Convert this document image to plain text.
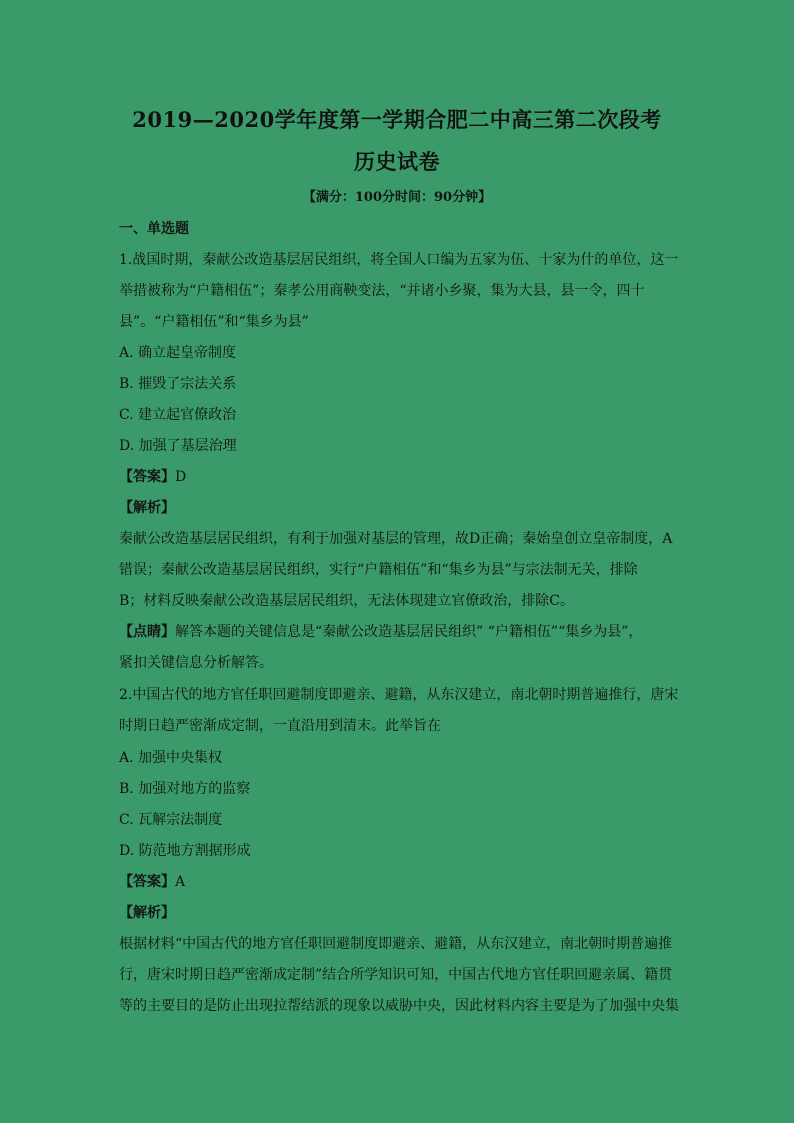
2019—2020学年度第一学期合肥二中高三第二次段考
历史试卷
【满分：100分时间：90分钟】
一、单选题
1.战国时期，秦献公改造基层居民组织，将全国人口编为五家为伍、十家为什的单位，这一
举措被称为“户籍相伍”；秦孝公用商鞅变法，“并诸小乡聚，集为大县，县一令，四十
县”。“户籍相伍”和“集乡为县”
A. 确立起皇帝制度
B. 摧毁了宗法关系
C. 建立起官僚政治
D. 加强了基层治理
【答案】D
【解析】
秦献公改造基层居民组织，有利于加强对基层的管理，故D正确；秦始皇创立皇帝制度，A
错误；秦献公改造基层居民组织，实行“户籍相伍”和“集乡为县”与宗法制无关，排除
B；材料反映秦献公改造基层居民组织，无法体现建立官僚政治，排除C。
【点睛】解答本题的关键信息是“秦献公改造基层居民组织” “户籍相伍”“集乡为县”，
紧扣关键信息分析解答。
2.中国古代的地方官任职回避制度即避亲、避籍，从东汉建立，南北朝时期普遍推行，唐宋
时期日趋严密渐成定制，一直沿用到清末。此举旨在
A. 加强中央集权
B. 加强对地方的监察
C. 瓦解宗法制度
D. 防范地方割据形成
【答案】A
【解析】
根据材料“中国古代的地方官任职回避制度即避亲、避籍，从东汉建立，南北朝时期普遍推
行，唐宋时期日趋严密渐成定制”结合所学知识可知，中国古代地方官任职回避亲属、籍贯
等的主要目的是防止出现拉帮结派的现象以威胁中央，因此材料内容主要是为了加强中央集
